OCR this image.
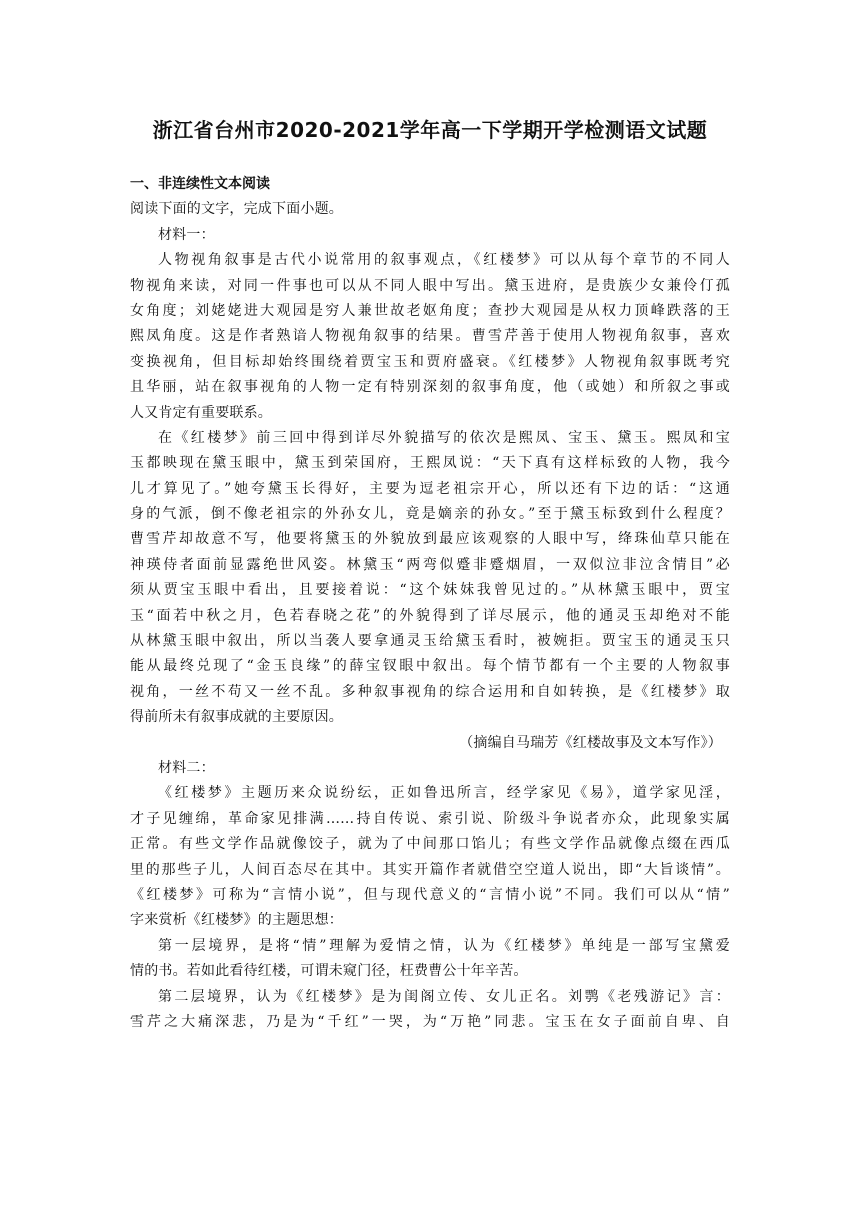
浙江省台州市2020-2021学年高一下学期开学检测语文试题
一、非连续性文本阅读
阅读下面的文字，完成下面小题。
材料一：
人物视角叙事是古代小说常用的叙事观点，《红楼梦》可以从每个章节的不同人
物视角来读，对同一件事也可以从不同人眼中写出。黛玉进府，是贵族少女兼伶仃孤
女角度；刘姥姥进大观园是穷人兼世故老妪角度；查抄大观园是从权力顶峰跌落的王
熙凤角度。这是作者熟谙人物视角叙事的结果。曹雪芹善于使用人物视角叙事，喜欢
变换视角，但目标却始终围绕着贾宝玉和贾府盛衰。《红楼梦》人物视角叙事既考究
且华丽，站在叙事视角的人物一定有特别深刻的叙事角度，他（或她）和所叙之事或
人又肯定有重要联系。
在《红楼梦》前三回中得到详尽外貌描写的依次是熙凤、宝玉、黛玉。熙凤和宝
玉都映现在黛玉眼中，黛玉到荣国府，王熙凤说：“天下真有这样标致的人物，我今
儿才算见了。”她夸黛玉长得好，主要为逗老祖宗开心，所以还有下边的话：“这通
身的气派，倒不像老祖宗的外孙女儿，竟是嫡亲的孙女。”至于黛玉标致到什么程度？
曹雪芹却故意不写，他要将黛玉的外貌放到最应该观察的人眼中写，绛珠仙草只能在
神瑛侍者面前显露绝世风姿。林黛玉“两弯似蹙非蹙烟眉，一双似泣非泣含情目”必
须从贾宝玉眼中看出，且要接着说：“这个妹妹我曾见过的。”从林黛玉眼中，贾宝
玉“面若中秋之月，色若春晓之花”的外貌得到了详尽展示，他的通灵玉却绝对不能
从林黛玉眼中叙出，所以当袭人要拿通灵玉给黛玉看时，被婉拒。贾宝玉的通灵玉只
能从最终兑现了“金玉良缘”的薛宝钗眼中叙出。每个情节都有一个主要的人物叙事
视角，一丝不苟又一丝不乱。多种叙事视角的综合运用和自如转换，是《红楼梦》取
得前所未有叙事成就的主要原因。
（摘编自马瑞芳《红楼故事及文本写作》）
材料二：
《红楼梦》主题历来众说纷纭，正如鲁迅所言，经学家见《易》，道学家见淫，
才子见缠绵，革命家见排满……持自传说、索引说、阶级斗争说者亦众，此现象实属
正常。有些文学作品就像饺子，就为了中间那口馅儿；有些文学作品就像点缀在西瓜
里的那些子儿，人间百态尽在其中。其实开篇作者就借空空道人说出，即“大旨谈情”。
《红楼梦》可称为“言情小说”，但与现代意义的“言情小说”不同。我们可以从“情”
字来赏析《红楼梦》的主题思想：
第一层境界，是将“情”理解为爱情之情，认为《红楼梦》单纯是一部写宝黛爱
情的书。若如此看待红楼，可谓未窥门径，枉费曹公十年辛苦。
第二层境界，认为《红楼梦》是为闺阁立传、女儿正名。刘鹗《老残游记》言：
雪芹之大痛深悲，乃是为“千红”一哭，为“万艳”同悲。宝玉在女子面前自卑、自
